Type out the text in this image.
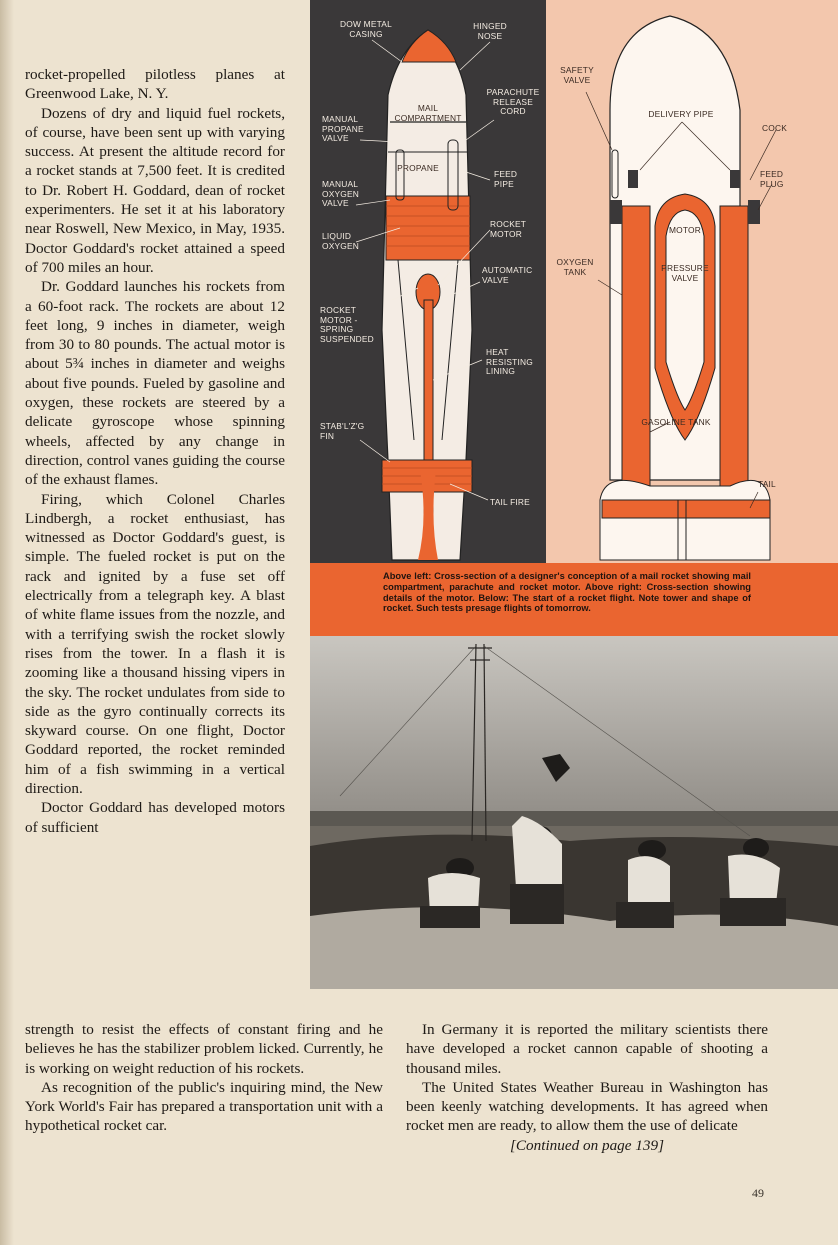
rocket-propelled pilotless planes at Greenwood Lake, N. Y.

Dozens of dry and liquid fuel rockets, of course, have been sent up with varying success. At present the altitude record for a rocket stands at 7,500 feet. It is credited to Dr. Robert H. Goddard, dean of rocket experimenters. He set it at his laboratory near Roswell, New Mexico, in May, 1935. Doctor Goddard's rocket attained a speed of 700 miles an hour.

Dr. Goddard launches his rockets from a 60-foot rack. The rockets are about 12 feet long, 9 inches in diameter, weigh from 30 to 80 pounds. The actual motor is about 5¾ inches in diameter and weighs about five pounds. Fueled by gasoline and oxygen, these rockets are steered by a delicate gyroscope whose spinning wheels, affected by any change in direction, control vanes guiding the course of the exhaust flames.

Firing, which Colonel Charles Lindbergh, a rocket enthusiast, has witnessed as Doctor Goddard's guest, is simple. The fueled rocket is put on the rack and ignited by a fuse set off electrically from a telegraph key. A blast of white flame issues from the nozzle, and with a terrifying swish the rocket slowly rises from the tower. In a flash it is zooming like a thousand hissing vipers in the sky. The rocket undulates from side to side as the gyro continually corrects its skyward course. On one flight, Doctor Goddard reported, the rocket reminded him of a fish swimming in a vertical direction.

Doctor Goddard has developed motors of sufficient

DOW METAL CASING
HINGED NOSE
PARACHUTE
MAIL COMPARTMENT
PARACHUTE RELEASE CORD
MANUAL PROPANE VALVE
PROPANE
FEED PIPE
MANUAL OXYGEN VALVE
ROCKET MOTOR
LIQUID OXYGEN
AUTOMATIC VALVE
ROCKET MOTOR - SPRING SUSPENDED
HEAT RESISTING LINING
STAB'L'Z'G FIN
TAIL FIRE
SAFETY VALVE
DELIVERY PIPE
COCK
FEED PLUG
MOTOR
OXYGEN TANK	PRESSURE VALVE
GASOLINE TANK
TAIL
Above left: Cross-section of a designer's conception of a mail rocket showing mail compartment, parachute and rocket motor. Above right: Cross-section showing details of the motor. Below: The start of a rocket flight. Note tower and shape of rocket. Such tests presage flights of tomorrow.

strength to resist the effects of constant firing and he believes he has the stabilizer problem licked. Currently, he is working on weight reduction of his rockets.

As recognition of the public's inquiring mind, the New York World's Fair has prepared a transportation unit with a hypothetical rocket car.

In Germany it is reported the military scientists there have developed a rocket cannon capable of shooting a thousand miles.

The United States Weather Bureau in Washington has been keenly watching developments. It has agreed when rocket men are ready, to allow them the use of delicate

[Continued on page 139]

49
